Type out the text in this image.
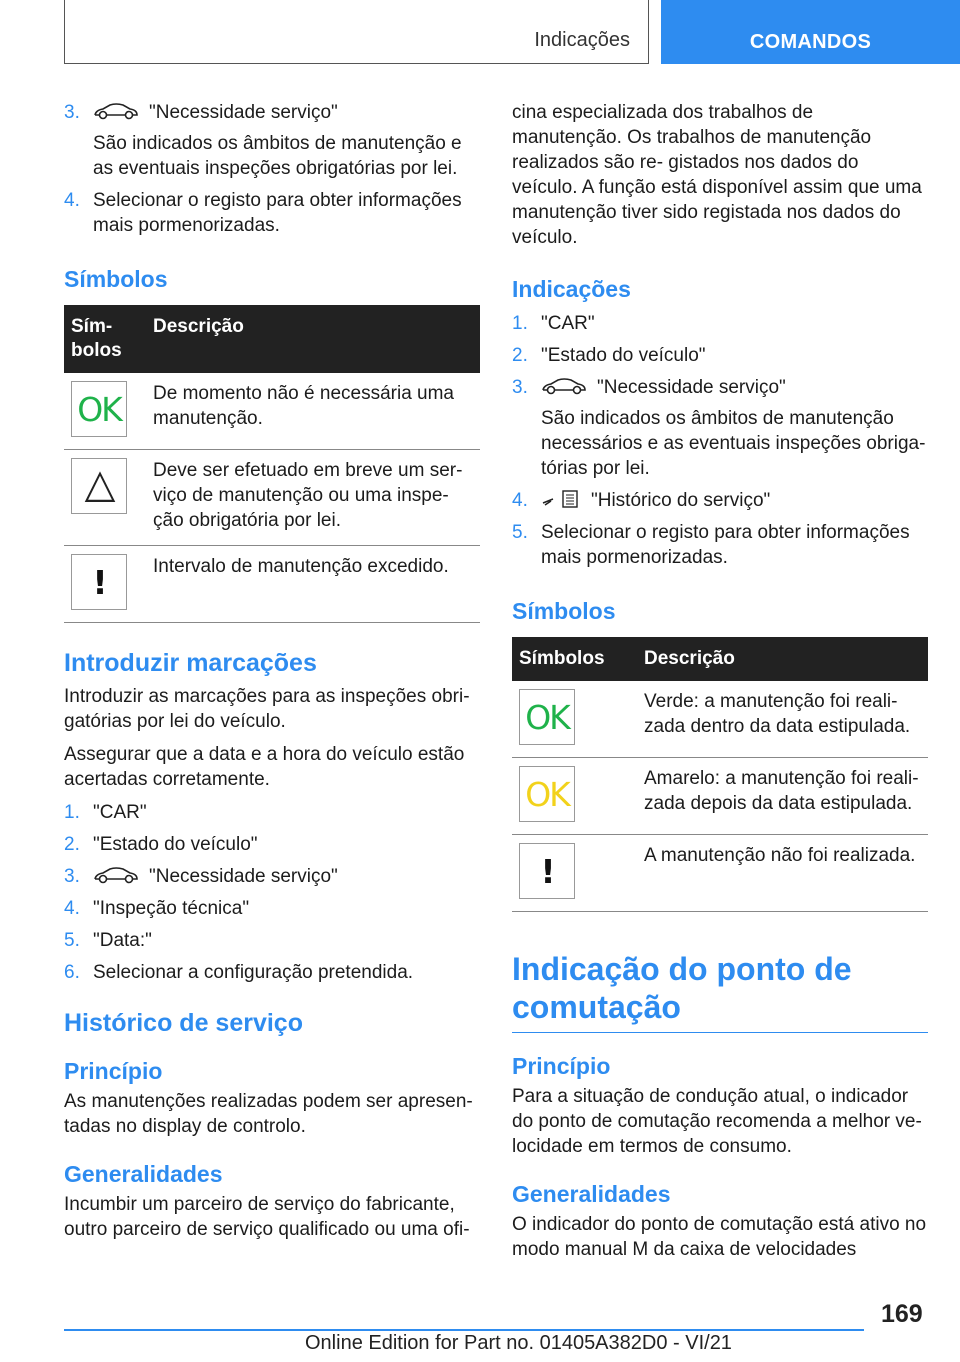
Indicações	COMANDOS
3.	"Necessidade serviço"
São indicados os âmbitos de manutenção e as eventuais inspeções obrigatórias por lei.
4. Selecionar o registo para obter informações mais pormenorizadas.
Símbolos
Sím-
bolos	Descrição

OK	De momento não é necessária uma manutenção.

△	Deve ser efetuado em breve um ser- viço de manutenção ou uma inspe- ção obrigatória por lei.

!	Intervalo de manutenção excedido.
Introduzir marcações

Introduzir as marcações para as inspeções obri- gatórias por lei do veículo.

Assegurar que a data e a hora do veículo estão acertadas corretamente.

1. "CAR"
2. "Estado do veículo"
3.	"Necessidade serviço"
4. "Inspeção técnica"
5. "Data:"
6. Selecionar a configuração pretendida.
Histórico de serviço
Princípio

As manutenções realizadas podem ser apresen- tadas no display de controlo.

Generalidades

Incumbir um parceiro de serviço do fabricante, outro parceiro de serviço qualificado ou uma ofi-

cina especializada dos trabalhos de manutenção. Os trabalhos de manutenção realizados são re- gistados nos dados do veículo. A função está disponível assim que uma manutenção tiver sido registada nos dados do veículo.

Indicações
1. "CAR"
2. "Estado do veículo"
3.	"Necessidade serviço"
São indicados os âmbitos de manutenção necessários e as eventuais inspeções obriga- tórias por lei.
4.	"Histórico do serviço"
5. Selecionar o registo para obter informações mais pormenorizadas.
Símbolos
Símbolos	Descrição

OK	Verde: a manutenção foi reali- zada dentro da data estipulada.

OK	Amarelo: a manutenção foi reali- zada depois da data estipulada.

!	A manutenção não foi realizada.
Indicação do ponto de comutação
Princípio

Para a situação de condução atual, o indicador do ponto de comutação recomenda a melhor ve- locidade em termos de consumo.

Generalidades

O indicador do ponto de comutação está ativo no modo manual M da caixa de velocidades

169
Online Edition for Part no. 01405A382D0 - VI/21
